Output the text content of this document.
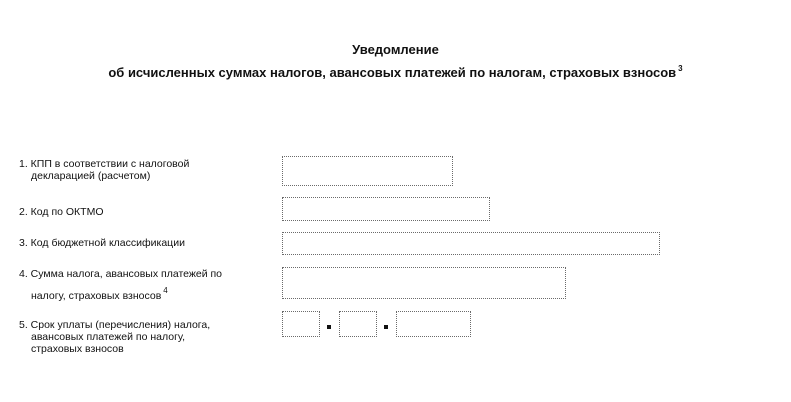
Уведомление
об исчисленных суммах налогов, авансовых платежей по налогам, страховых взносов $^3$
1. КПП в соответствии с налоговой
декларацией (расчетом)
2. Код по ОКТМО
3. Код бюджетной классификации
4. Сумма налога, авансовых платежей по
налогу, страховых взносов $^4$
5. Срок уплаты (перечисления) налога,
авансовых платежей по налогу,
страховых взносов
